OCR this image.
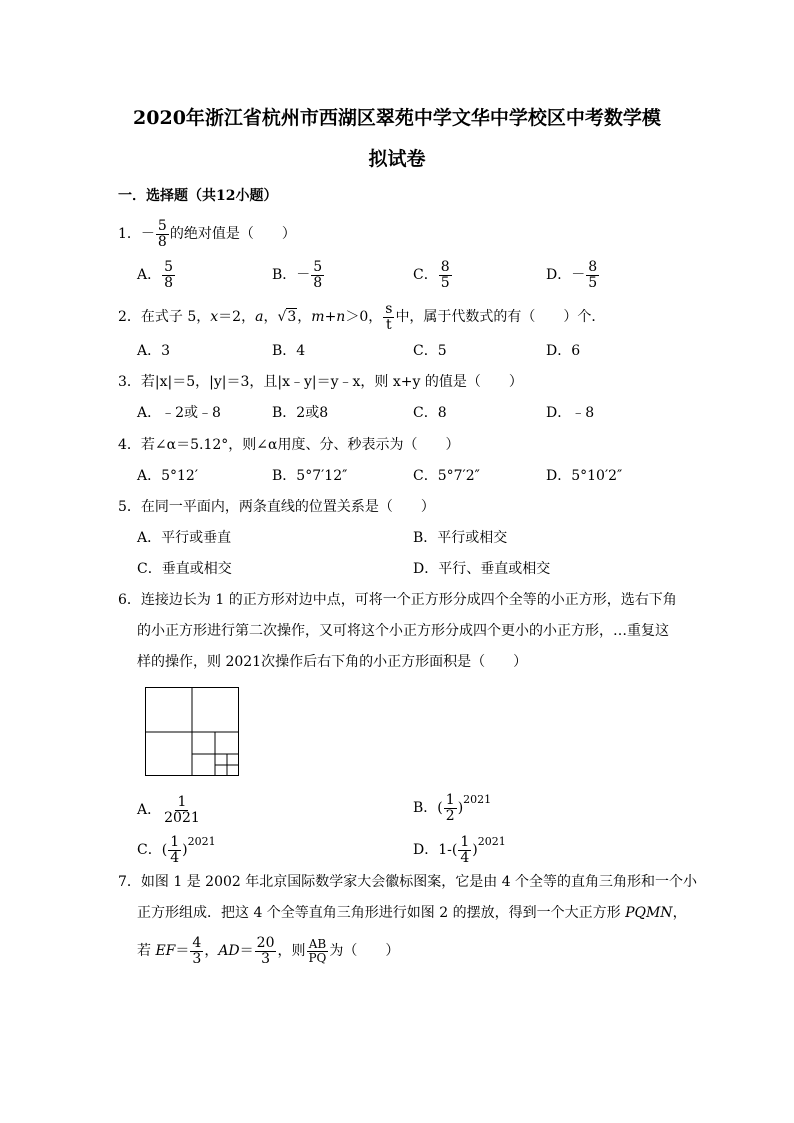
2020年浙江省杭州市西湖区翠苑中学文华中学校区中考数学模
拟试卷
一．选择题（共12小题）
1．－ $\frac{5}{8}$ 的绝对值是（　　）
A． $\frac{5}{8}$	B．－ $\frac{5}{8}$	C． $\frac{8}{5}$	D．－ $\frac{8}{5}$
2．在式子 5，x＝2，a，√3，m+n＞0， $\frac{s}{t}$ 中，属于代数式的有（　　）个．
A．3	B．4	C．5	D．6
3．若|x|＝5，|y|＝3，且|x﹣y|＝y﹣x，则 x+y 的值是（　　）
A．﹣2或﹣8	B．2或8	C．8	D．﹣8
4．若∠α＝5.12°，则∠α用度、分、秒表示为（　　）
A．5°12′	B．5°7′12″	C．5°7′2″	D．5°10′2″
5．在同一平面内，两条直线的位置关系是（　　）
A．平行或垂直	B．平行或相交
C．垂直或相交	D．平行、垂直或相交
6．连接边长为 1 的正方形对边中点，可将一个正方形分成四个全等的小正方形，选右下角
的小正方形进行第二次操作，又可将这个小正方形分成四个更小的小正方形，…重复这
样的操作，则 2021次操作后右下角的小正方形面积是（　　）
A． $\frac{1}{2021}$	B．( $\frac{1}{2} )^{2021}$
C．( $\frac{1}{4} )^{2021}$
D．$1-( \frac{1}{4} )^{2021}$
7．如图 1 是 2002 年北京国际数学家大会徽标图案，它是由 4 个全等的直角三角形和一个小
正方形组成．把这 4 个全等直角三角形进行如图 2 的摆放，得到一个大正方形 PQMN，
若 $EF= \frac{4}{3}$ ，$AD= \frac{20}{3}$ ，则 $\frac{AB}{PQ}$ 为（　　）
